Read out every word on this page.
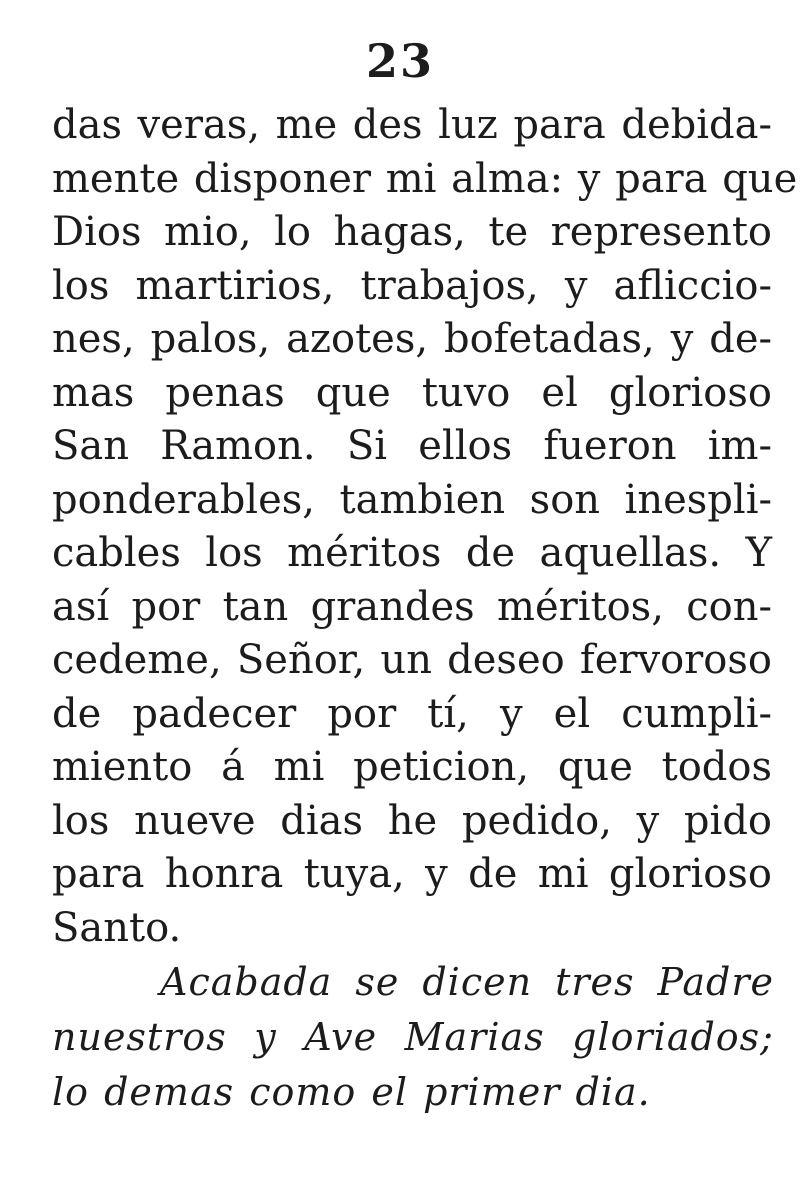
23
das veras, me des luz para debida-
mente disponer mi alma: y para que
Dios mio, lo hagas, te represento
los martirios, trabajos, y afliccio-
nes, palos, azotes, bofetadas, y de-
mas penas que tuvo el glorioso
San Ramon. Si ellos fueron im-
ponderables, tambien son inespli-
cables los méritos de aquellas. Y
así por tan grandes méritos, con-
cedeme, Señor, un deseo fervoroso
de padecer por tí, y el cumpli-
miento á mi peticion, que todos
los nueve dias he pedido, y pido
para honra tuya, y de mi glorioso
Santo.
Acabada se dicen tres Padre
nuestros y Ave Marias gloriados;
lo demas como el primer dia.
